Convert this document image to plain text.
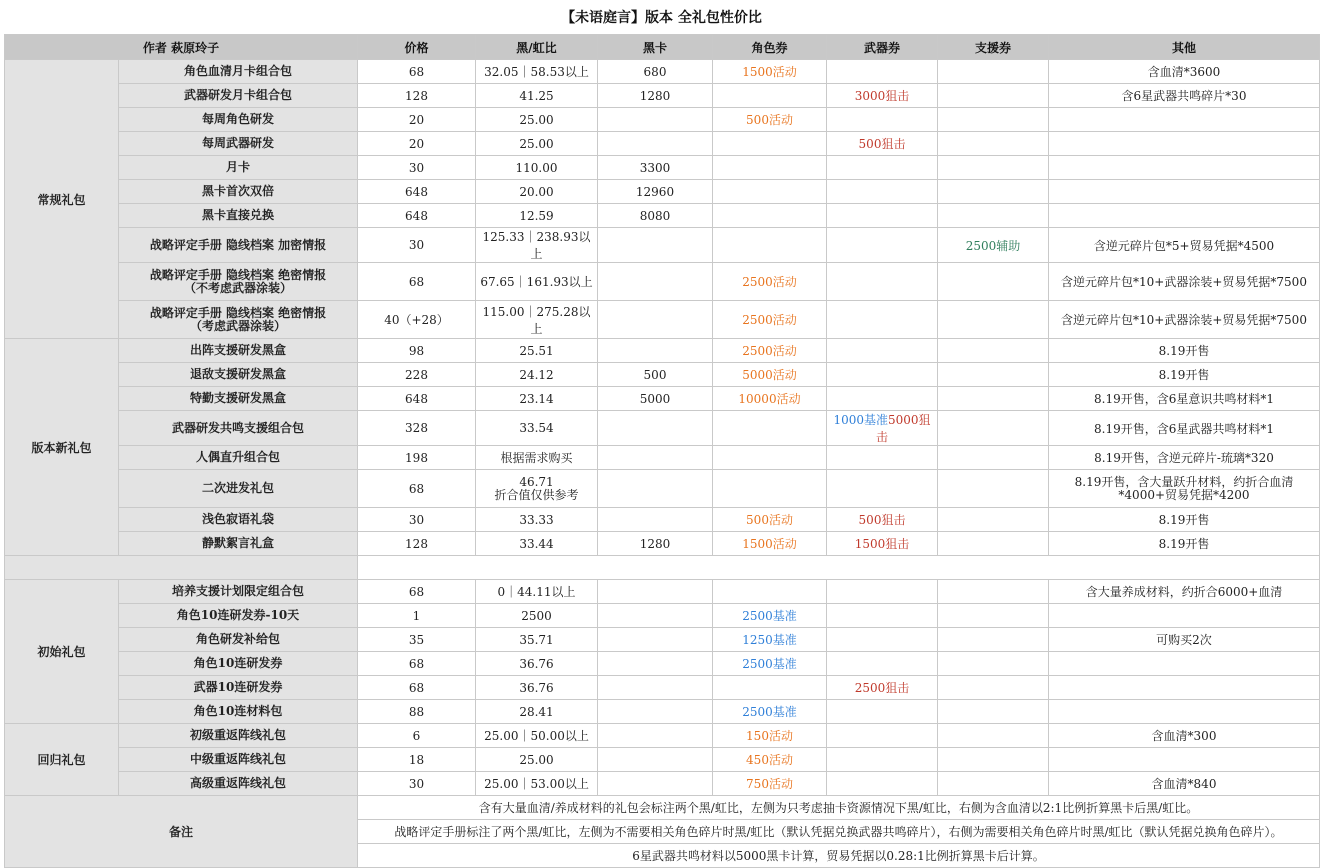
【未语庭言】版本 全礼包性价比
作者 萩原玲子		价格	黑/虹比	黑卡	角色券	武器券	支援券	其他
常规礼包	角色血清月卡组合包	68	32.05｜58.53以上	680	1500活动			含血清*3600
	武器研发月卡组合包	128	41.25	1280		3000狙击		含6星武器共鸣碎片*30
	每周角色研发	20	25.00		500活动			
	每周武器研发	20	25.00			500狙击		
	月卡	30	110.00	3300				
	黑卡首次双倍	648	20.00	12960				
	黑卡直接兑换	648	12.59	8080				
	战略评定手册 隐线档案 加密情报	30	125.33｜238.93以上				2500辅助	含逆元碎片包*5+贸易凭据*4500
	战略评定手册 隐线档案 绝密情报
（不考虑武器涂装）	68	67.65｜161.93以上		2500活动			含逆元碎片包*10+武器涂装+贸易凭据*7500
	战略评定手册 隐线档案 绝密情报
（考虑武器涂装）	40（+28）	115.00｜275.28以上		2500活动			含逆元碎片包*10+武器涂装+贸易凭据*7500
版本新礼包	出阵支援研发黑盒	98	25.51		2500活动			8.19开售
	退敌支援研发黑盒	228	24.12	500	5000活动			8.19开售
	特勤支援研发黑盒	648	23.14	5000	10000活动			8.19开售，含6星意识共鸣材料*1
	武器研发共鸣支援组合包	328	33.54			1000基准5000狙击		8.19开售，含6星武器共鸣材料*1
	人偶直升组合包	198	根据需求购买					8.19开售，含逆元碎片-琉璃*320
	二次进发礼包	68	46.71
折合值仅供参考					8.19开售，含大量跃升材料，约折合血清
*4000+贸易凭据*4200
	浅色寂语礼袋	30	33.33		500活动	500狙击		8.19开售
	静默絮言礼盒	128	33.44	1280	1500活动	1500狙击		8.19开售

初始礼包	培养支援计划限定组合包	68	0｜44.11以上					含大量养成材料，约折合6000+血清
	角色10连研发券-10天	1	2500		2500基准			
	角色研发补给包	35	35.71		1250基准			可购买2次
	角色10连研发券	68	36.76		2500基准			
	武器10连研发券	68	36.76			2500狙击		
	角色10连材料包	88	28.41		2500基准			
回归礼包	初级重返阵线礼包	6	25.00｜50.00以上		150活动			含血清*300
	中级重返阵线礼包	18	25.00		450活动			
	高级重返阵线礼包	30	25.00｜53.00以上		750活动			含血清*840
备注		含有大量血清/养成材料的礼包会标注两个黑/虹比，左侧为只考虑抽卡资源情况下黑/虹比，右侧为含血清以2:1比例折算黑卡后黑/虹比。						
		战略评定手册标注了两个黑/虹比，左侧为不需要相关角色碎片时黑/虹比（默认凭据兑换武器共鸣碎片），右侧为需要相关角色碎片时黑/虹比（默认凭据兑换角色碎片）。						
		6星武器共鸣材料以5000黑卡计算，贸易凭据以0.28:1比例折算黑卡后计算。						
